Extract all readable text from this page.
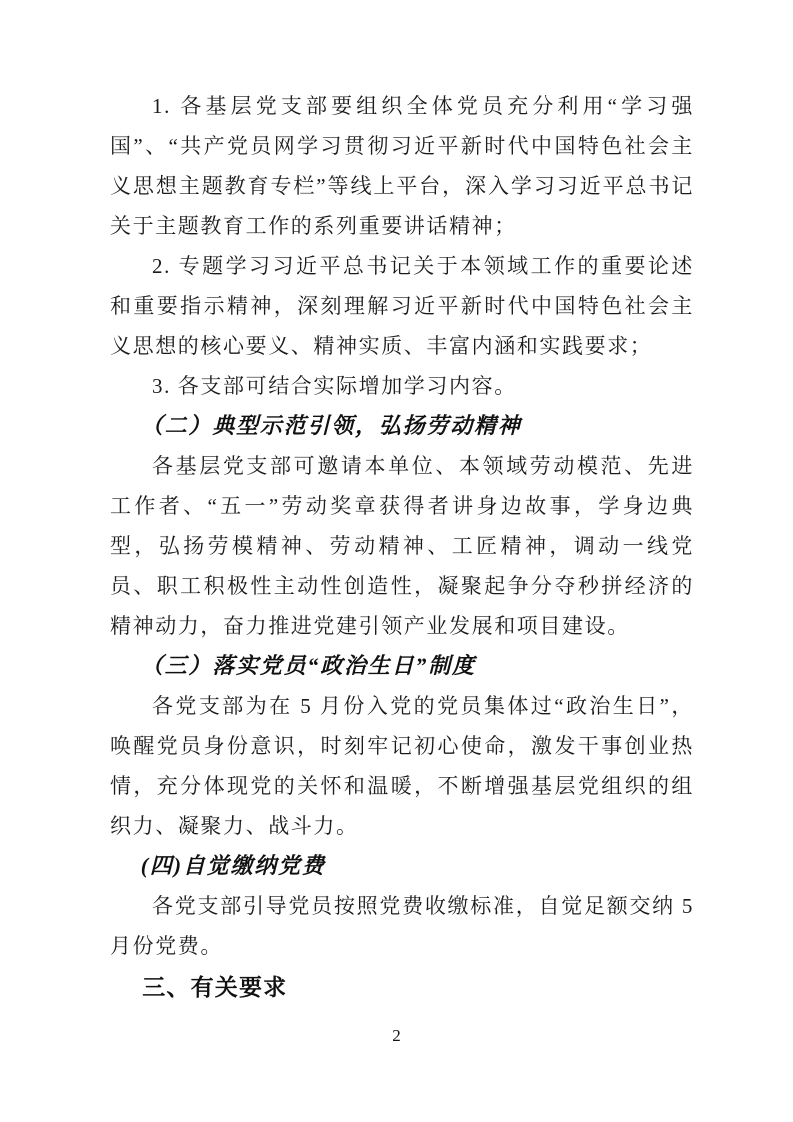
1. 各基层党支部要组织全体党员充分利用“学习强国”、“共产党员网学习贯彻习近平新时代中国特色社会主义思想主题教育专栏”等线上平台，深入学习习近平总书记关于主题教育工作的系列重要讲话精神；

2. 专题学习习近平总书记关于本领域工作的重要论述和重要指示精神，深刻理解习近平新时代中国特色社会主义思想的核心要义、精神实质、丰富内涵和实践要求；

3. 各支部可结合实际增加学习内容。

（二）典型示范引领，弘扬劳动精神

各基层党支部可邀请本单位、本领域劳动模范、先进工作者、“五一”劳动奖章获得者讲身边故事，学身边典型，弘扬劳模精神、劳动精神、工匠精神，调动一线党员、职工积极性主动性创造性，凝聚起争分夺秒拼经济的精神动力，奋力推进党建引领产业发展和项目建设。

（三）落实党员“政治生日”制度

各党支部为在 5 月份入党的党员集体过“政治生日”，唤醒党员身份意识，时刻牢记初心使命，激发干事创业热情，充分体现党的关怀和温暖，不断增强基层党组织的组织力、凝聚力、战斗力。

(四)自觉缴纳党费

各党支部引导党员按照党费收缴标准，自觉足额交纳 5 月份党费。

三、有关要求

2
